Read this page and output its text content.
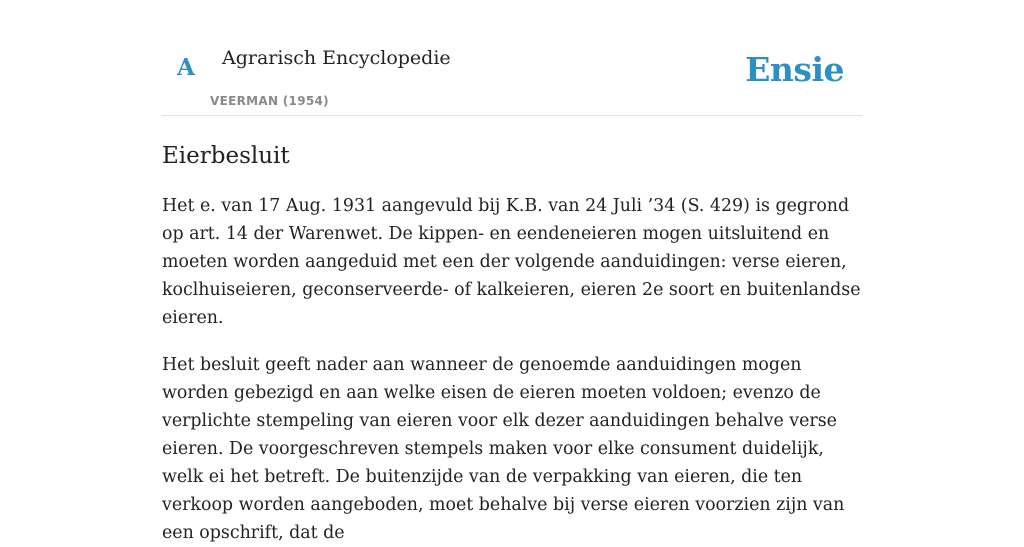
A Agrarisch Encyclopedie
VEERMAN (1954)
Ensie
Eierbesluit

Het e. van 17 Aug. 1931 aangevuld bij K.B. van 24 Juli ’34 (S. 429) is gegrond op art. 14 der Warenwet. De kippen- en eendeneieren mogen uitsluitend en moeten worden aangeduid met een der volgende aanduidingen: verse eieren, koclhuiseieren, geconserveerde- of kalkeieren, eieren 2e soort en buitenlandse eieren.

Het besluit geeft nader aan wanneer de genoemde aanduidingen mogen worden gebezigd en aan welke eisen de eieren moeten voldoen; evenzo de verplichte stempeling van eieren voor elk dezer aanduidingen behalve verse eieren. De voorgeschreven stempels maken voor elke consument duidelijk, welk ei het betreft. De buitenzijde van de verpakking van eieren, die ten verkoop worden aangeboden, moet behalve bij verse eieren voorzien zijn van een opschrift, dat de
